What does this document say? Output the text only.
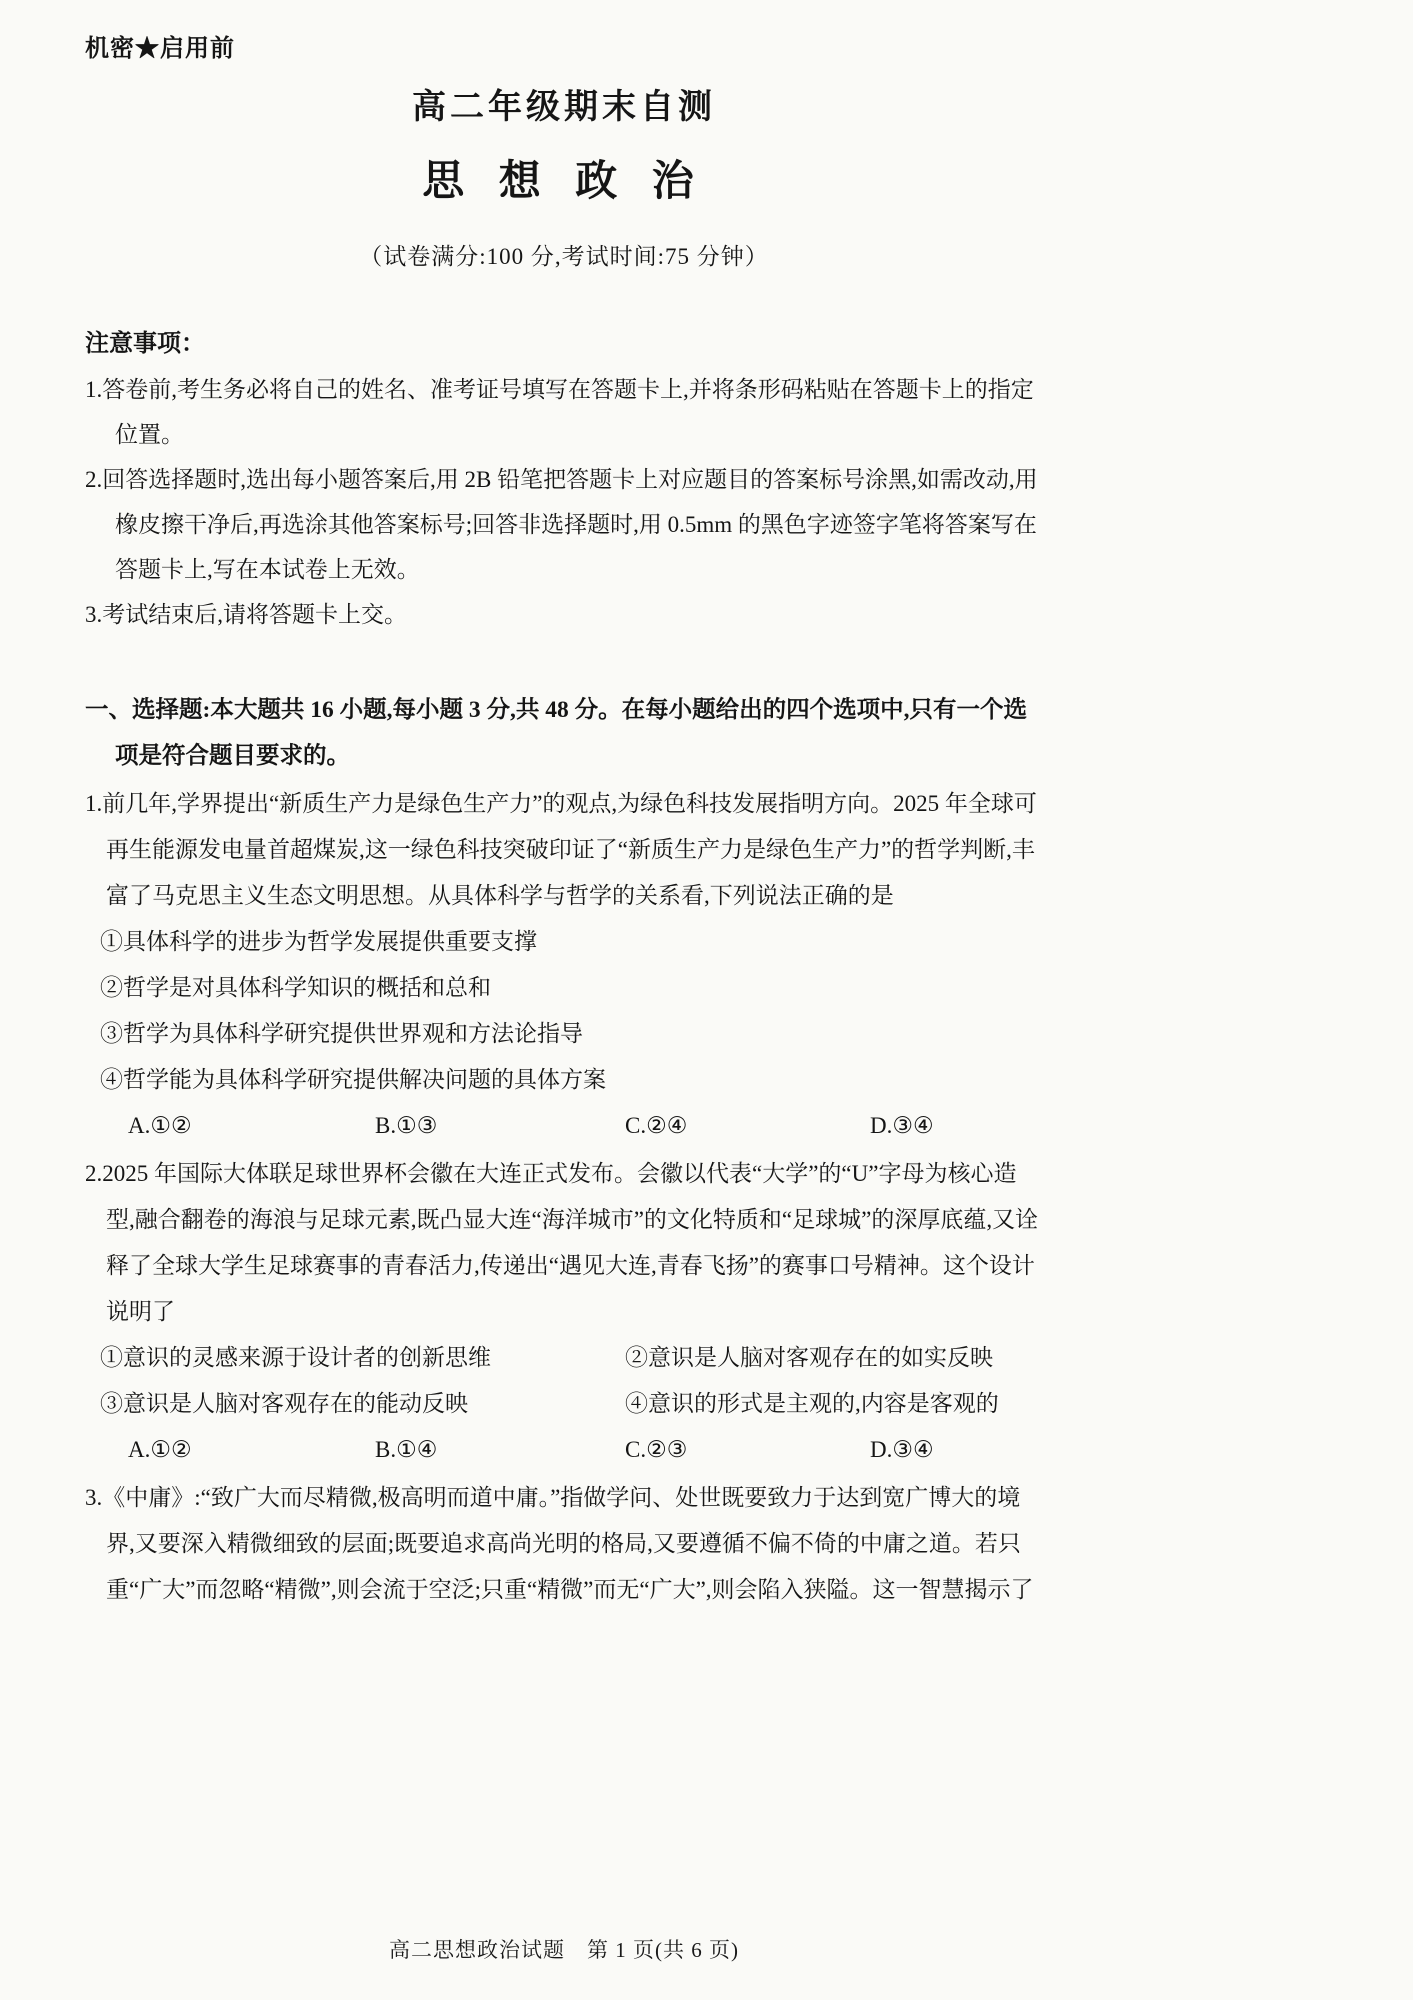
机密★启用前
高二年级期末自测
思 想 政 治
（试卷满分:100 分,考试时间:75 分钟）
注意事项：

1.答卷前,考生务必将自己的姓名、准考证号填写在答题卡上,并将条形码粘贴在答题卡上的指定位置。

2.回答选择题时,选出每小题答案后,用 2B 铅笔把答题卡上对应题目的答案标号涂黑,如需改动,用橡皮擦干净后,再选涂其他答案标号;回答非选择题时,用 0.5mm 的黑色字迹签字笔将答案写在答题卡上,写在本试卷上无效。

3.考试结束后,请将答题卡上交。

一、选择题:本大题共 16 小题,每小题 3 分,共 48 分。在每小题给出的四个选项中,只有一个选项是符合题目要求的。

1.前几年,学界提出“新质生产力是绿色生产力”的观点,为绿色科技发展指明方向。2025 年全球可再生能源发电量首超煤炭,这一绿色科技突破印证了“新质生产力是绿色生产力”的哲学判断,丰富了马克思主义生态文明思想。从具体科学与哲学的关系看,下列说法正确的是

①具体科学的进步为哲学发展提供重要支撑

②哲学是对具体科学知识的概括和总和

③哲学为具体科学研究提供世界观和方法论指导

④哲学能为具体科学研究提供解决问题的具体方案

A.①②	B.①③	C.②④	D.③④

2.2025 年国际大体联足球世界杯会徽在大连正式发布。会徽以代表“大学”的“U”字母为核心造型,融合翻卷的海浪与足球元素,既凸显大连“海洋城市”的文化特质和“足球城”的深厚底蕴,又诠释了全球大学生足球赛事的青春活力,传递出“遇见大连,青春飞扬”的赛事口号精神。这个设计说明了

①意识的灵感来源于设计者的创新思维	②意识是人脑对客观存在的如实反映
③意识是人脑对客观存在的能动反映	④意识的形式是主观的,内容是客观的
A.①②	B.①④	C.②③	D.③④

3.《中庸》:“致广大而尽精微,极高明而道中庸。”指做学问、处世既要致力于达到宽广博大的境界,又要深入精微细致的层面;既要追求高尚光明的格局,又要遵循不偏不倚的中庸之道。若只重“广大”而忽略“精微”,则会流于空泛;只重“精微”而无“广大”,则会陷入狭隘。这一智慧揭示了

高二思想政治试题　第 1 页(共 6 页)
